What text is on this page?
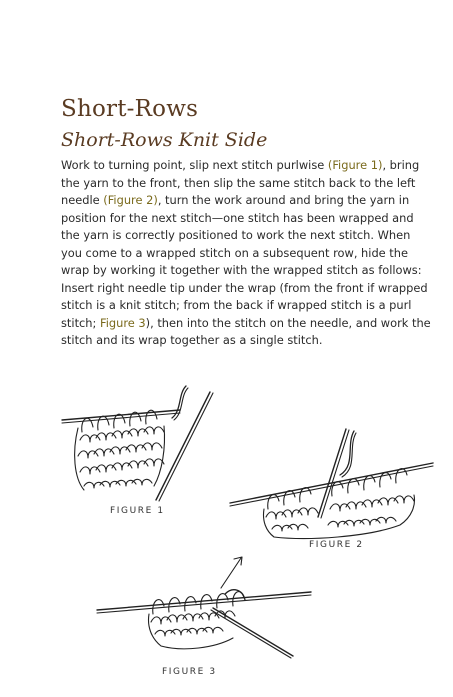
Short-Rows
Short-Rows Knit Side

Work to turning point, slip next stitch purlwise (Figure 1), bring the yarn to the front, then slip the same stitch back to the left needle (Figure 2), turn the work around and bring the yarn in position for the next stitch—one stitch has been wrapped and the yarn is correctly positioned to work the next stitch. When you come to a wrapped stitch on a subsequent row, hide the wrap by working it together with the wrapped stitch as follows: Insert right needle tip under the wrap (from the front if wrapped stitch is a knit stitch; from the back if wrapped stitch is a purl stitch; Figure 3), then into the stitch on the needle, and work the stitch and its wrap together as a single stitch.

FIGURE 1
FIGURE 2
FIGURE 3
